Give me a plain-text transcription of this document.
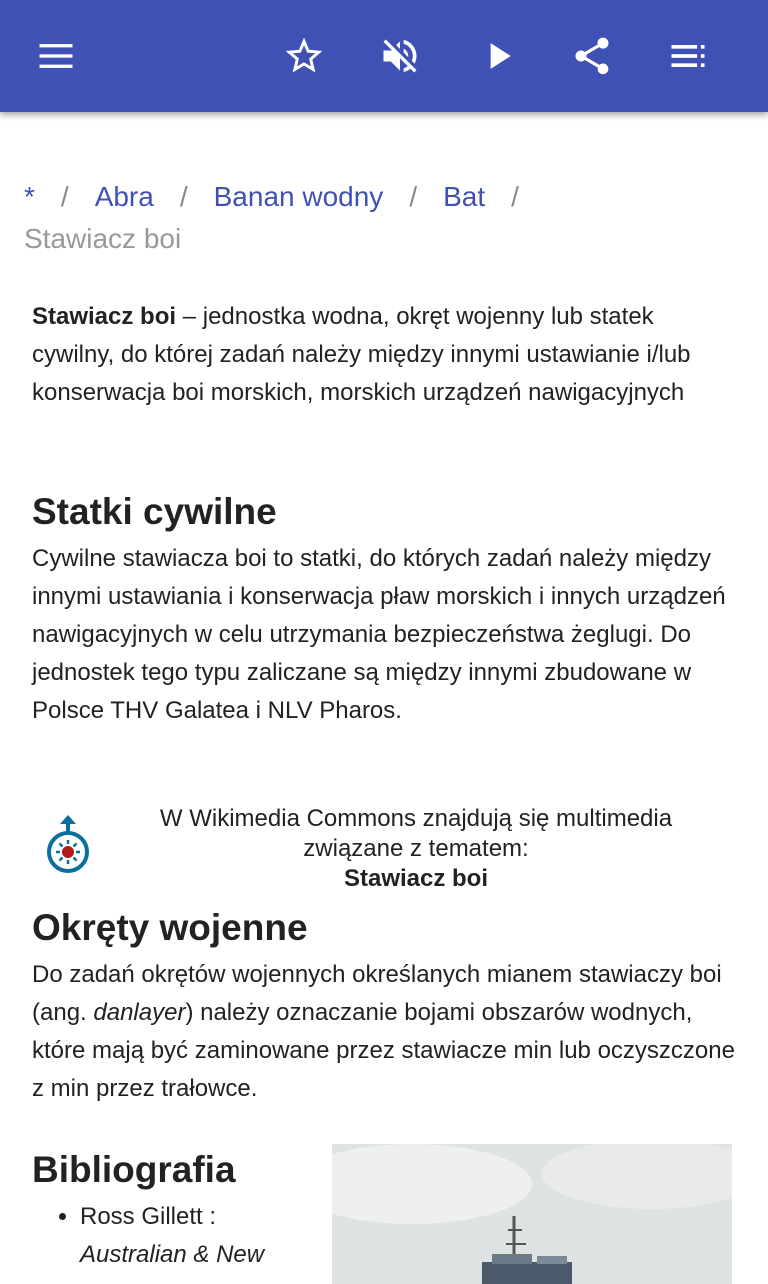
* / Abra / Banan wodny / Bat /
Stawiacz boi

Stawiacz boi – jednostka wodna, okręt wojenny lub statek cywilny, do której zadań należy między innymi ustawianie i/lub konserwacja boi morskich, morskich urządzeń nawigacyjnych

Statki cywilne

Cywilne stawiacza boi to statki, do których zadań należy między innymi ustawiania i konserwacja pław morskich i innych urządzeń nawigacyjnych w celu utrzymania bezpieczeństwa żeglugi. Do jednostek tego typu zaliczane są między innymi zbudowane w Polsce THV Galatea i NLV Pharos.

W Wikimedia Commons znajdują się multimedia
związane z tematem:
Stawiacz boi
Okręty wojenne

Do zadań okrętów wojennych określanych mianem stawiaczy boi (ang. danlayer) należy oznaczanie bojami obszarów wodnych, które mają być zaminowane przez stawiacze min lub oczyszczone z min przez trałowce.

Bibliografia
• Ross Gillett :
Australian & New
